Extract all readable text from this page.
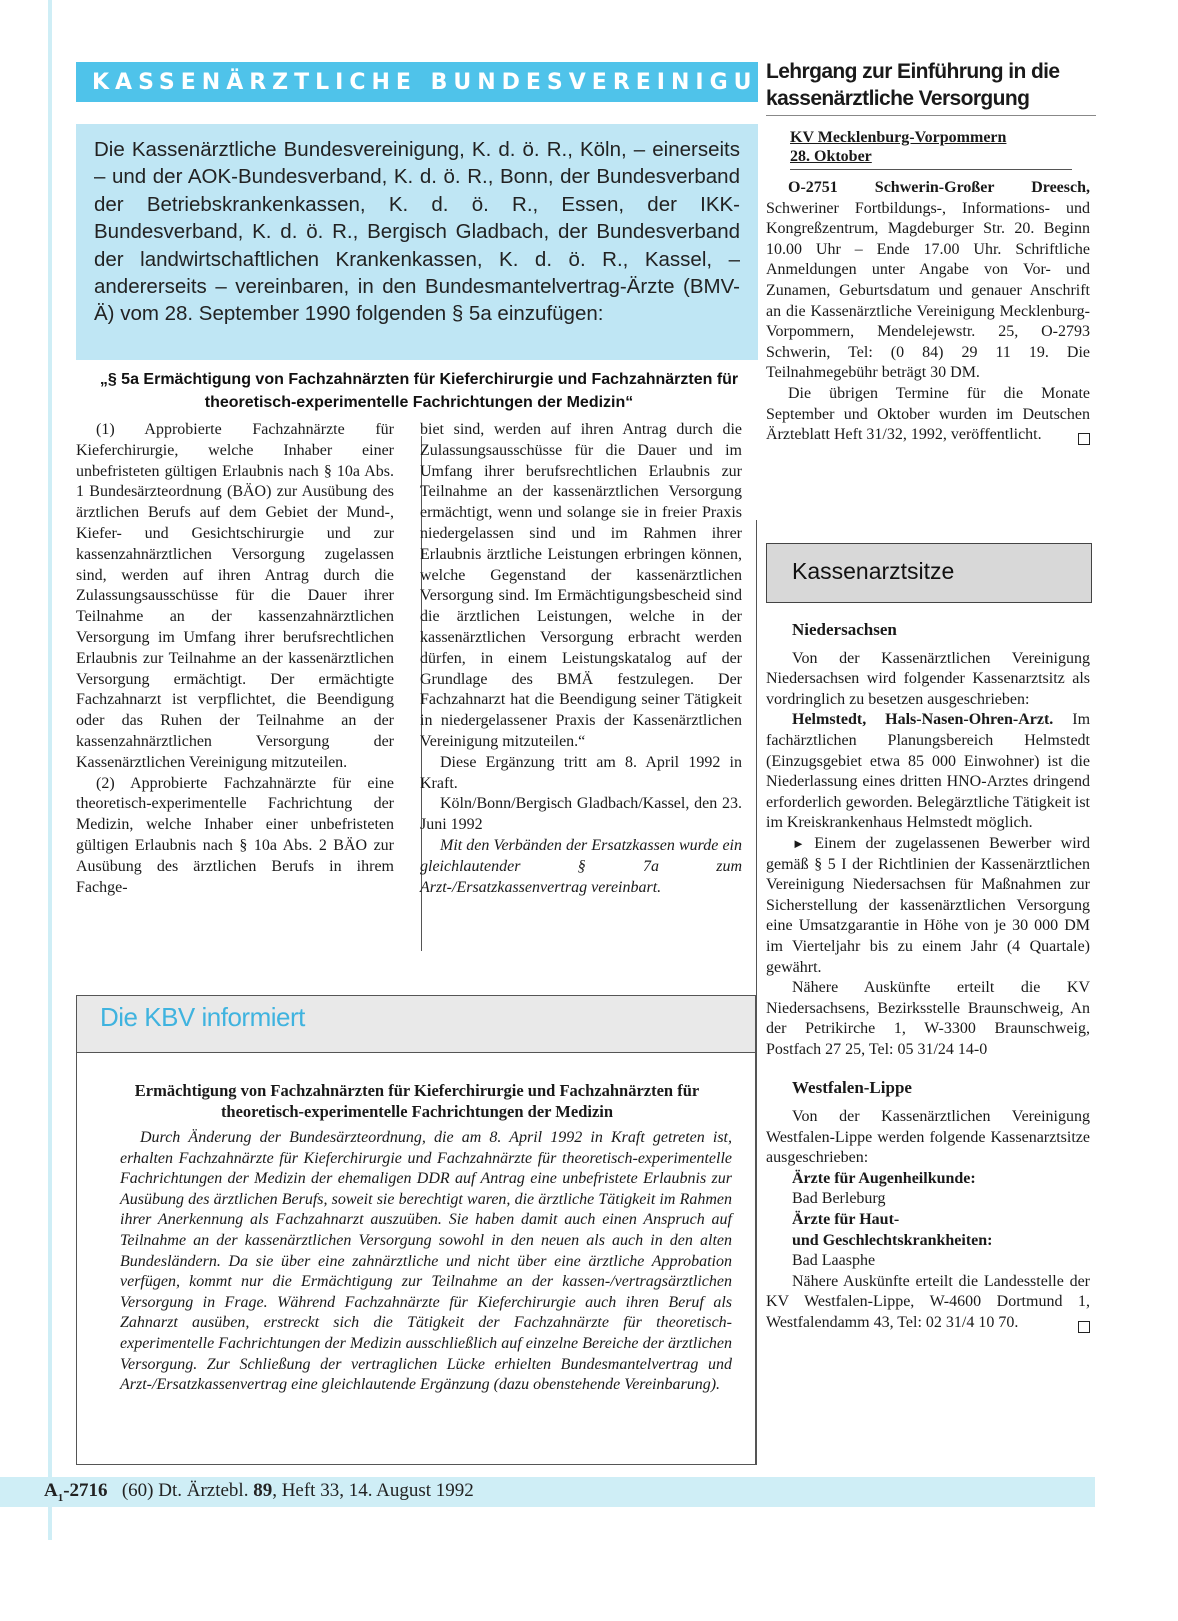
KASSENÄRZTLICHE BUNDESVEREINIGUNG
Die Kassenärztliche Bundesvereinigung, K. d. ö. R., Köln, – einerseits – und der AOK-Bundesverband, K. d. ö. R., Bonn, der Bundesverband der Betriebskrankenkassen, K. d. ö. R., Essen, der IKK-Bundesverband, K. d. ö. R., Bergisch Gladbach, der Bundesverband der landwirtschaftlichen Krankenkassen, K. d. ö. R., Kassel, – andererseits – vereinbaren, in den Bundesmantelvertrag-Ärzte (BMV-Ä) vom 28. September 1990 folgenden § 5a einzufügen:
„§ 5a Ermächtigung von Fachzahnärzten für Kieferchirurgie und Fachzahnärzten für theoretisch-experimentelle Fachrichtungen der Medizin“

(1) Approbierte Fachzahnärzte für Kieferchirurgie, welche Inhaber einer unbefristeten gültigen Erlaubnis nach § 10a Abs. 1 Bundesärzteordnung (BÄO) zur Ausübung des ärztlichen Berufs auf dem Gebiet der Mund-, Kiefer- und Gesichtschirurgie und zur kassenzahnärztlichen Versorgung zugelassen sind, werden auf ihren Antrag durch die Zulassungsausschüsse für die Dauer ihrer Teilnahme an der kassenzahnärztlichen Versorgung im Umfang ihrer berufsrechtlichen Erlaubnis zur Teilnahme an der kassenärztlichen Versorgung ermächtigt. Der ermächtigte Fachzahnarzt ist verpflichtet, die Beendigung oder das Ruhen der Teilnahme an der kassenzahnärztlichen Versorgung der Kassenärztlichen Vereinigung mitzuteilen.

(2) Approbierte Fachzahnärzte für eine theoretisch-experimentelle Fachrichtung der Medizin, welche Inhaber einer unbefristeten gültigen Erlaubnis nach § 10a Abs. 2 BÄO zur Ausübung des ärztlichen Berufs in ihrem Fachge-

biet sind, werden auf ihren Antrag durch die Zulassungsausschüsse für die Dauer und im Umfang ihrer berufsrechtlichen Erlaubnis zur Teilnahme an der kassenärztlichen Versorgung ermächtigt, wenn und solange sie in freier Praxis niedergelassen sind und im Rahmen ihrer Erlaubnis ärztliche Leistungen erbringen können, welche Gegenstand der kassenärztlichen Versorgung sind. Im Ermächtigungsbescheid sind die ärztlichen Leistungen, welche in der kassenärztlichen Versorgung erbracht werden dürfen, in einem Leistungskatalog auf der Grundlage des BMÄ festzulegen. Der Fachzahnarzt hat die Beendigung seiner Tätigkeit in niedergelassener Praxis der Kassenärztlichen Vereinigung mitzuteilen.“

Diese Ergänzung tritt am 8. April 1992 in Kraft.

Köln/Bonn/Bergisch Gladbach/Kassel, den 23. Juni 1992

Mit den Verbänden der Ersatzkassen wurde ein gleichlautender § 7a zum Arzt-/Ersatzkassenvertrag vereinbart.

Die KBV informiert
Ermächtigung von Fachzahnärzten für Kieferchirurgie und Fachzahnärzten für theoretisch-experimentelle Fachrichtungen der Medizin
Durch Änderung der Bundesärzteordnung, die am 8. April 1992 in Kraft getreten ist, erhalten Fachzahnärzte für Kieferchirurgie und Fachzahnärzte für theoretisch-experimentelle Fachrichtungen der Medizin der ehemaligen DDR auf Antrag eine unbefristete Erlaubnis zur Ausübung des ärztlichen Berufs, soweit sie berechtigt waren, die ärztliche Tätigkeit im Rahmen ihrer Anerkennung als Fachzahnarzt auszuüben. Sie haben damit auch einen Anspruch auf Teilnahme an der kassenärztlichen Versorgung sowohl in den neuen als auch in den alten Bundesländern. Da sie über eine zahnärztliche und nicht über eine ärztliche Approbation verfügen, kommt nur die Ermächtigung zur Teilnahme an der kassen-/vertragsärztlichen Versorgung in Frage. Während Fachzahnärzte für Kieferchirurgie auch ihren Beruf als Zahnarzt ausüben, erstreckt sich die Tätigkeit der Fachzahnärzte für theoretisch-experimentelle Fachrichtungen der Medizin ausschließlich auf einzelne Bereiche der ärztlichen Versorgung. Zur Schließung der vertraglichen Lücke erhielten Bundesmantelvertrag und Arzt-/Ersatzkassenvertrag eine gleichlautende Ergänzung (dazu obenstehende Vereinbarung).
Lehrgang zur Einführung in die kassenärztliche Versorgung
KV Mecklenburg-Vorpommern
28. Oktober

O-2751 Schwerin-Großer Dreesch, Schweriner Fortbildungs-, Informations- und Kongreßzentrum, Magdeburger Str. 20. Beginn 10.00 Uhr – Ende 17.00 Uhr. Schriftliche Anmeldungen unter Angabe von Vor- und Zunamen, Geburtsdatum und genauer Anschrift an die Kassenärztliche Vereinigung Mecklenburg-Vorpommern, Mendelejewstr. 25, O-2793 Schwerin, Tel: (0 84) 29 11 19. Die Teilnahmegebühr beträgt 30 DM.

Die übrigen Termine für die Monate September und Oktober wurden im Deutschen Ärzteblatt Heft 31/32, 1992, veröffentlicht.

Kassenarztsitze

Niedersachsen

Von der Kassenärztlichen Vereinigung Niedersachsen wird folgender Kassenarztsitz als vordringlich zu besetzen ausgeschrieben:

Helmstedt, Hals-Nasen-Ohren-Arzt. Im fachärztlichen Planungsbereich Helmstedt (Einzugsgebiet etwa 85 000 Einwohner) ist die Niederlassung eines dritten HNO-Arztes dringend erforderlich geworden. Belegärztliche Tätigkeit ist im Kreiskrankenhaus Helmstedt möglich.

► Einem der zugelassenen Bewerber wird gemäß § 5 I der Richtlinien der Kassenärztlichen Vereinigung Niedersachsen für Maßnahmen zur Sicherstellung der kassenärztlichen Versorgung eine Umsatzgarantie in Höhe von je 30 000 DM im Vierteljahr bis zu einem Jahr (4 Quartale) gewährt.

Nähere Auskünfte erteilt die KV Niedersachsens, Bezirksstelle Braunschweig, An der Petrikirche 1, W-3300 Braunschweig, Postfach 27 25, Tel: 05 31/24 14-0

Westfalen-Lippe

Von der Kassenärztlichen Vereinigung Westfalen-Lippe werden folgende Kassenarztsitze ausgeschrieben:

Ärzte für Augenheilkunde:

Bad Berleburg

Ärzte für Haut-

und Geschlechtskrankheiten:

Bad Laasphe

Nähere Auskünfte erteilt die Landesstelle der KV Westfalen-Lippe, W-4600 Dortmund 1, Westfalendamm 43, Tel: 02 31/4 10 70.

$A_1-2716$ (60) Dt. Ärztebl. 89, Heft 33, 14. August 1992
